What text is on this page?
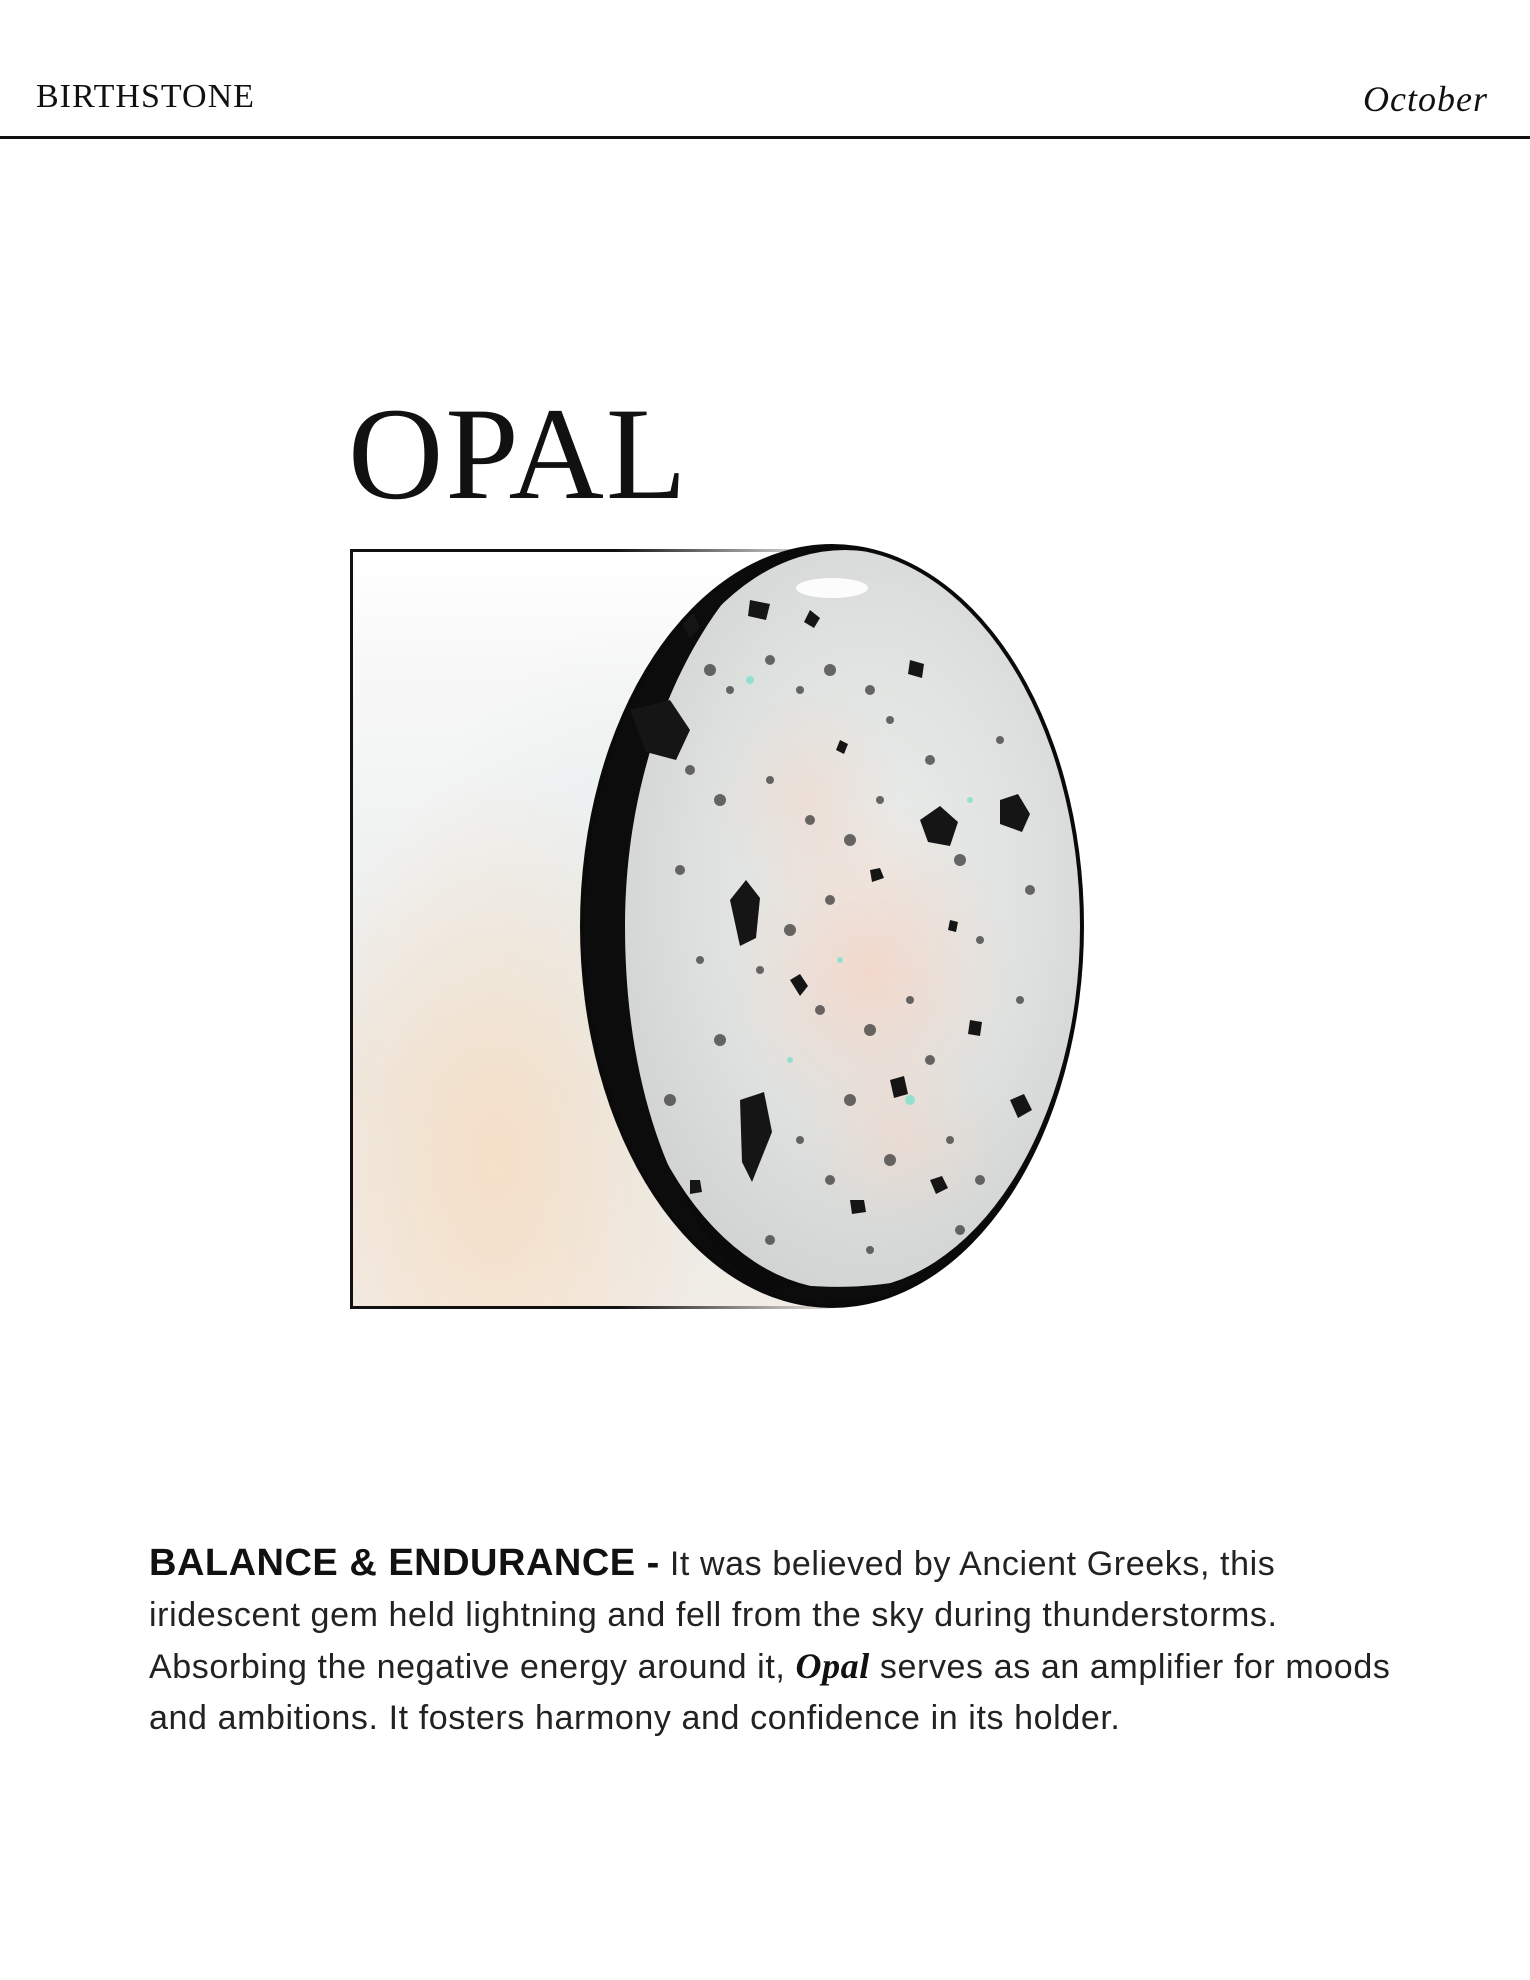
BIRTHSTONE	October
OPAL

BALANCE & ENDURANCE - It was believed by Ancient Greeks, this iridescent gem held lightning and fell from the sky during thunderstorms. Absorbing the negative energy around it, Opal serves as an amplifier for moods and ambitions. It fosters harmony and confidence in its holder.
